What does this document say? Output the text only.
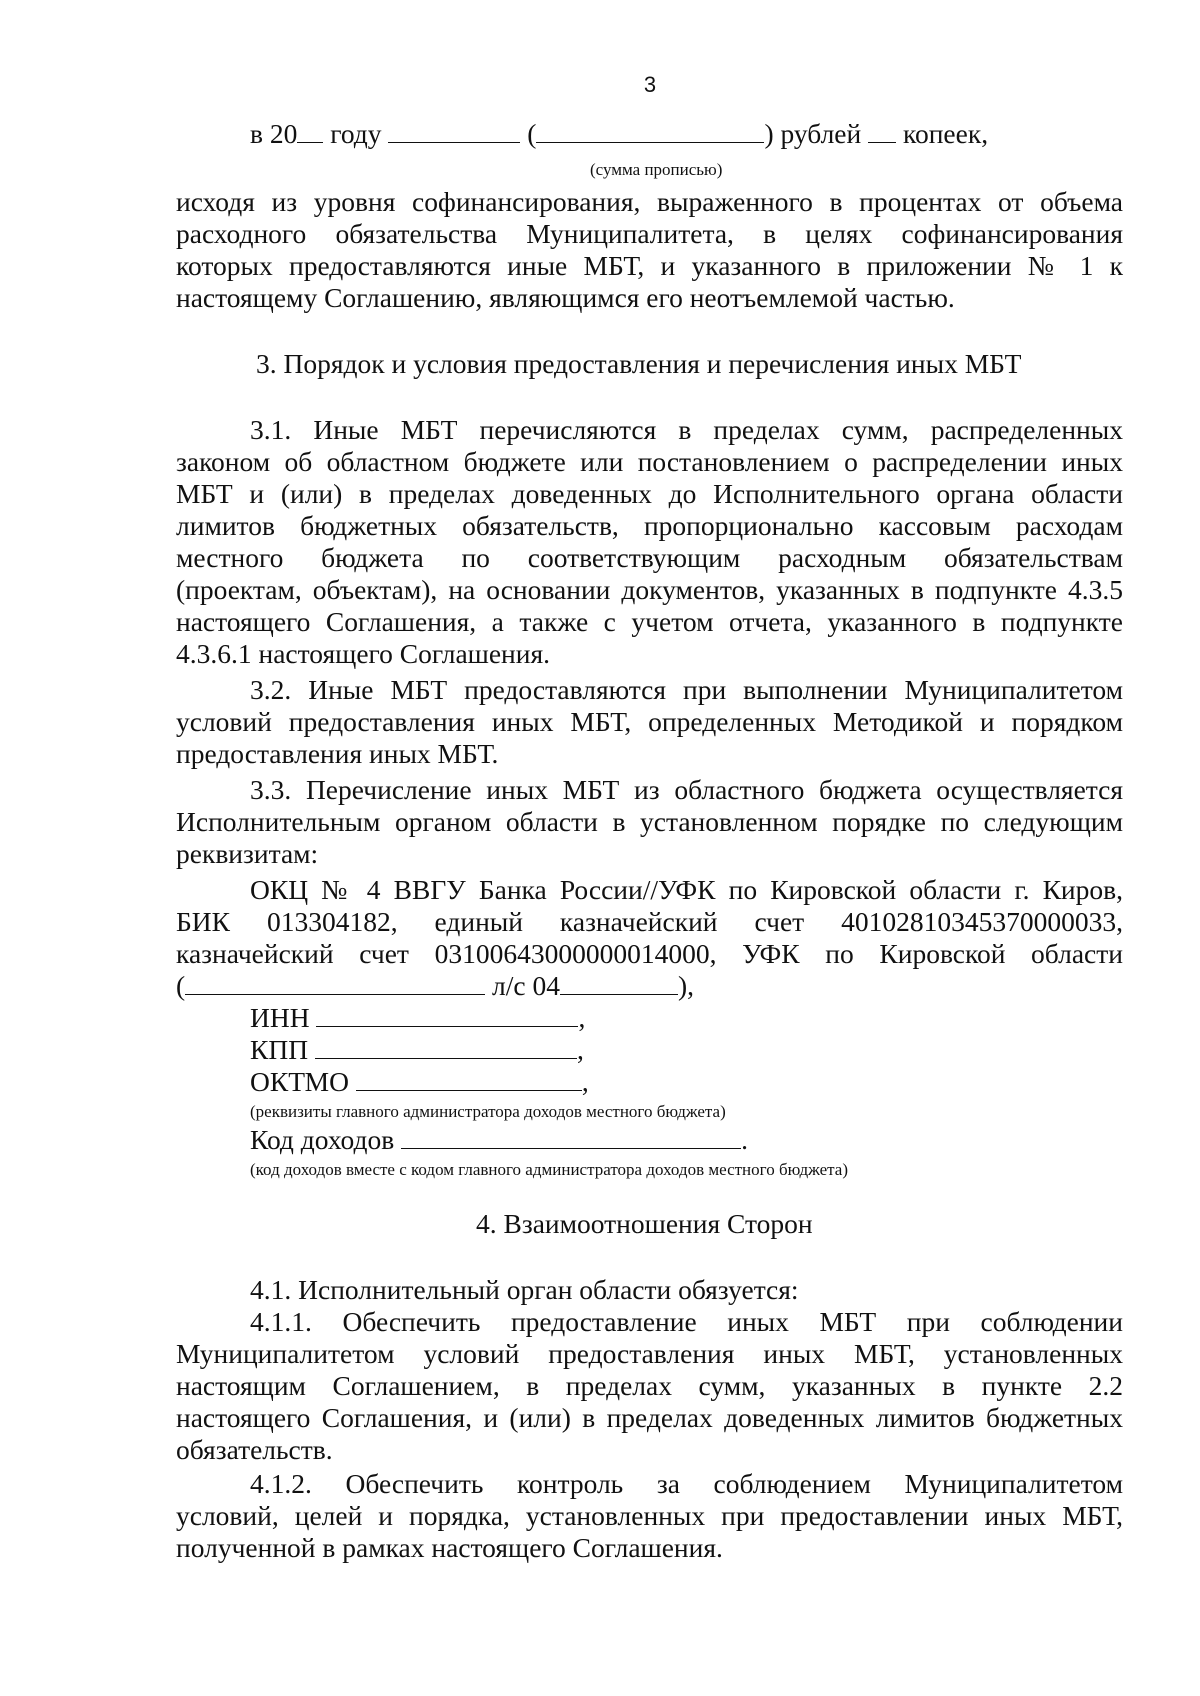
3
в 20 году	(	) рублей копеек,
(сумма прописью)
исходя из уровня софинансирования, выраженного в процентах от объема
расходного обязательства Муниципалитета, в целях софинансирования
которых предоставляются иные МБТ, и указанного в приложении № 1 к
настоящему Соглашению, являющимся его неотъемлемой частью.
3. Порядок и условия предоставления и перечисления иных МБТ
3.1. Иные МБТ перечисляются в пределах сумм, распределенных
законом об областном бюджете или постановлением о распределении иных
МБТ и (или) в пределах доведенных до Исполнительного органа области
лимитов бюджетных обязательств, пропорционально кассовым расходам
местного бюджета по соответствующим расходным обязательствам
(проектам, объектам), на основании документов, указанных в подпункте 4.3.5
настоящего Соглашения, а также с учетом отчета, указанного в подпункте
4.3.6.1 настоящего Соглашения.
3.2. Иные МБТ предоставляются при выполнении Муниципалитетом
условий предоставления иных МБТ, определенных Методикой и порядком
предоставления иных МБТ.
3.3. Перечисление иных МБТ из областного бюджета осуществляется
Исполнительным органом области в установленном порядке по следующим
реквизитам:
ОКЦ № 4 ВВГУ Банка России//УФК по Кировской области г. Киров,
БИК 013304182, единый казначейский счет 40102810345370000033,
казначейский счет 03100643000000014000, УФК по Кировской области
(	л/с 04	),
ИНН	,
КПП	,
ОКТМО	,
(реквизиты главного администратора доходов местного бюджета)
Код доходов	.
(код доходов вместе с кодом главного администратора доходов местного бюджета)
4. Взаимоотношения Сторон
4.1. Исполнительный орган области обязуется:
4.1.1. Обеспечить предоставление иных МБТ при соблюдении
Муниципалитетом условий предоставления иных МБТ, установленных
настоящим Соглашением, в пределах сумм, указанных в пункте 2.2
настоящего Соглашения, и (или) в пределах доведенных лимитов бюджетных
обязательств.
4.1.2. Обеспечить контроль за соблюдением Муниципалитетом
условий, целей и порядка, установленных при предоставлении иных МБТ,
полученной в рамках настоящего Соглашения.
